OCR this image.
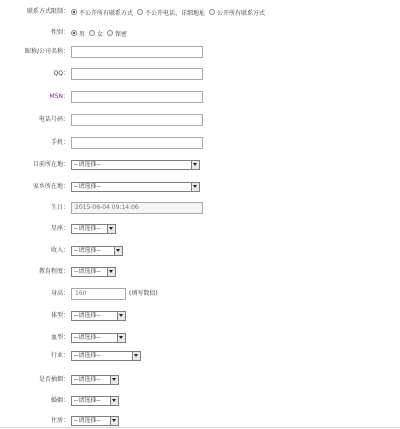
联系方式限制： 不公开所有联系方式 不公开电话、详细地址 公开所有联系方式
性别： 男 女 保密
昵称/公司名称：
QQ：
MSN：
电话号码：
手机：
目前所在地： --请选择--
家乡所在地： --请选择--
生日：	2015-06-04 09:14:06
星座： --请选择--
收入： --请选择--
教育程度： --请选择--
身高：	160	(填写数值)
体型： --请选择--
血型： --请选择--
行业： --请选择--
是否抽烟： --请选择--
婚姻： --请选择--
住房： --请选择--
